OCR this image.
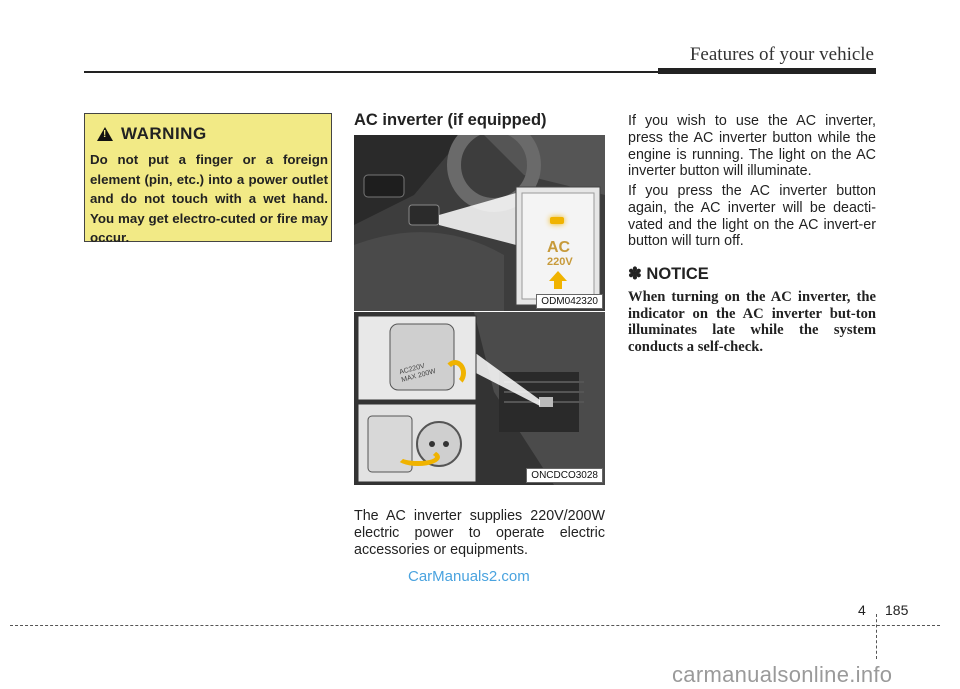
Features of your vehicle
!
WARNING
Do not put a finger or a foreign element (pin, etc.) into a power outlet and do not touch with a wet hand. You may get electro-cuted or fire may occur.
AC inverter (if equipped)
AC
220V
ODM042320
AC220V MAX 200W
ONCDCO3028
The AC inverter supplies 220V/200W electric power to operate electric accessories or equipments.
If you wish to use the AC inverter, press the AC inverter button while the engine is running. The light on the AC inverter button will illuminate.
If you press the AC inverter button again, the AC inverter will be deacti-vated and the light on the AC invert-er button will turn off.
✽ NOTICE
When turning on the AC inverter, the indicator on the AC inverter but-ton illuminates late while the system conducts a self-check.
CarManuals2.com
4 185
carmanualsonline.info
